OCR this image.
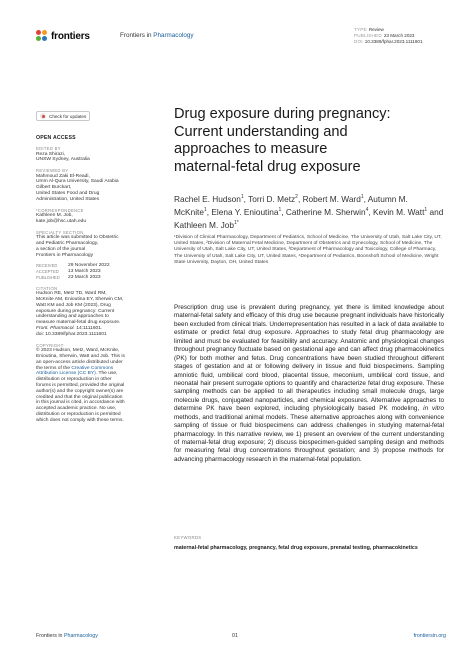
frontiers	Frontiers in Pharmacology
TYPE Review
PUBLISHED 23 March 2023
DOI 10.3389/fphar.2023.1111601
Check for updates
OPEN ACCESS
EDITED BY
Reza Shirazi,
UNSW Sydney, Australia
REVIEWED BY
Mahmoud Zaki El-Readi,
Umm Al-Qura University, Saudi Arabia
Gilbert Burckart,
United States Food and Drug
Administration, United States
*CORRESPONDENCE
Kathleen M. Job,
kate.job@hsc.utah.edu
SPECIALTY SECTION
This article was submitted to Obstetric
and Pediatric Pharmacology,
a section of the journal
Frontiers in Pharmacology
RECEIVED	29 November 2022
ACCEPTED	13 March 2023
PUBLISHED	23 March 2023
CITATION
Hudson RE, Metz TD, Ward RM,
McKnite AM, Enioutina EY, Sherwin CM,
Watt KM and Job KM (2023), Drug
exposure during pregnancy: Current
understanding and approaches to
measure maternal-fetal drug exposure.
Front. Pharmacol. 14:1111601.
doi: 10.3389/fphar.2023.1111601
COPYRIGHT
© 2023 Hudson, Metz, Ward, McKnite,
Enioutina, Sherwin, Watt and Job. This is
an open-access article distributed under
the terms of the Creative Commons
Attribution License (CC BY). The use,
distribution or reproduction in other
forums is permitted, provided the original
author(s) and the copyright owner(s) are
credited and that the original publication
in this journal is cited, in accordance with
accepted academic practice. No use,
distribution or reproduction is permitted
which does not comply with these terms.
Drug exposure during pregnancy:
Current understanding and
approaches to measure
maternal-fetal drug exposure
Rachel E. Hudson$^1$, Torri D. Metz$^2$, Robert M. Ward$^1$, Autumn M. McKnite$^1$, Elena Y. Enioutina$^1$, Catherine M. Sherwin$^4$, Kevin M. Watt$^1$ and Kathleen M. Job$^{1*}$
¹Division of Clinical Pharmacology, Department of Pediatrics, School of Medicine, The University of Utah, Salt Lake City, UT, United States, ²Division of Maternal Fetal Medicine, Department of Obstetrics and Gynecology, School of Medicine, The University of Utah, Salt Lake City, UT, United States, ³Department of Pharmacology and Toxicology, College of Pharmacy, The University of Utah, Salt Lake City, UT, United States, ⁴Department of Pediatrics, Boonshoft School of Medicine, Wright State University, Dayton, OH, United States
Prescription drug use is prevalent during pregnancy, yet there is limited knowledge about maternal-fetal safety and efficacy of this drug use because pregnant individuals have historically been excluded from clinical trials. Underrepresentation has resulted in a lack of data available to estimate or predict fetal drug exposure. Approaches to study fetal drug pharmacology are limited and must be evaluated for feasibility and accuracy. Anatomic and physiological changes throughout pregnancy fluctuate based on gestational age and can affect drug pharmacokinetics (PK) for both mother and fetus. Drug concentrations have been studied throughout different stages of gestation and at or following delivery in tissue and fluid biospecimens. Sampling amniotic fluid, umbilical cord blood, placental tissue, meconium, umbilical cord tissue, and neonatal hair present surrogate options to quantify and characterize fetal drug exposure. These sampling methods can be applied to all therapeutics including small molecule drugs, large molecule drugs, conjugated nanoparticles, and chemical exposures. Alternative approaches to determine PK have been explored, including physiologically based PK modeling, in vitro methods, and traditional animal models. These alternative approaches along with convenience sampling of tissue or fluid biospecimens can address challenges in studying maternal-fetal pharmacology. In this narrative review, we 1) present an overview of the current understanding of maternal-fetal drug exposure; 2) discuss biospecimen-guided sampling design and methods for measuring fetal drug concentrations throughout gestation; and 3) propose methods for advancing pharmacology research in the maternal-fetal population.
KEYWORDS
maternal-fetal pharmacology, pregnancy, fetal drug exposure, prenatal testing, pharmacokinetics
Frontiers in Pharmacology	01	frontiersin.org
